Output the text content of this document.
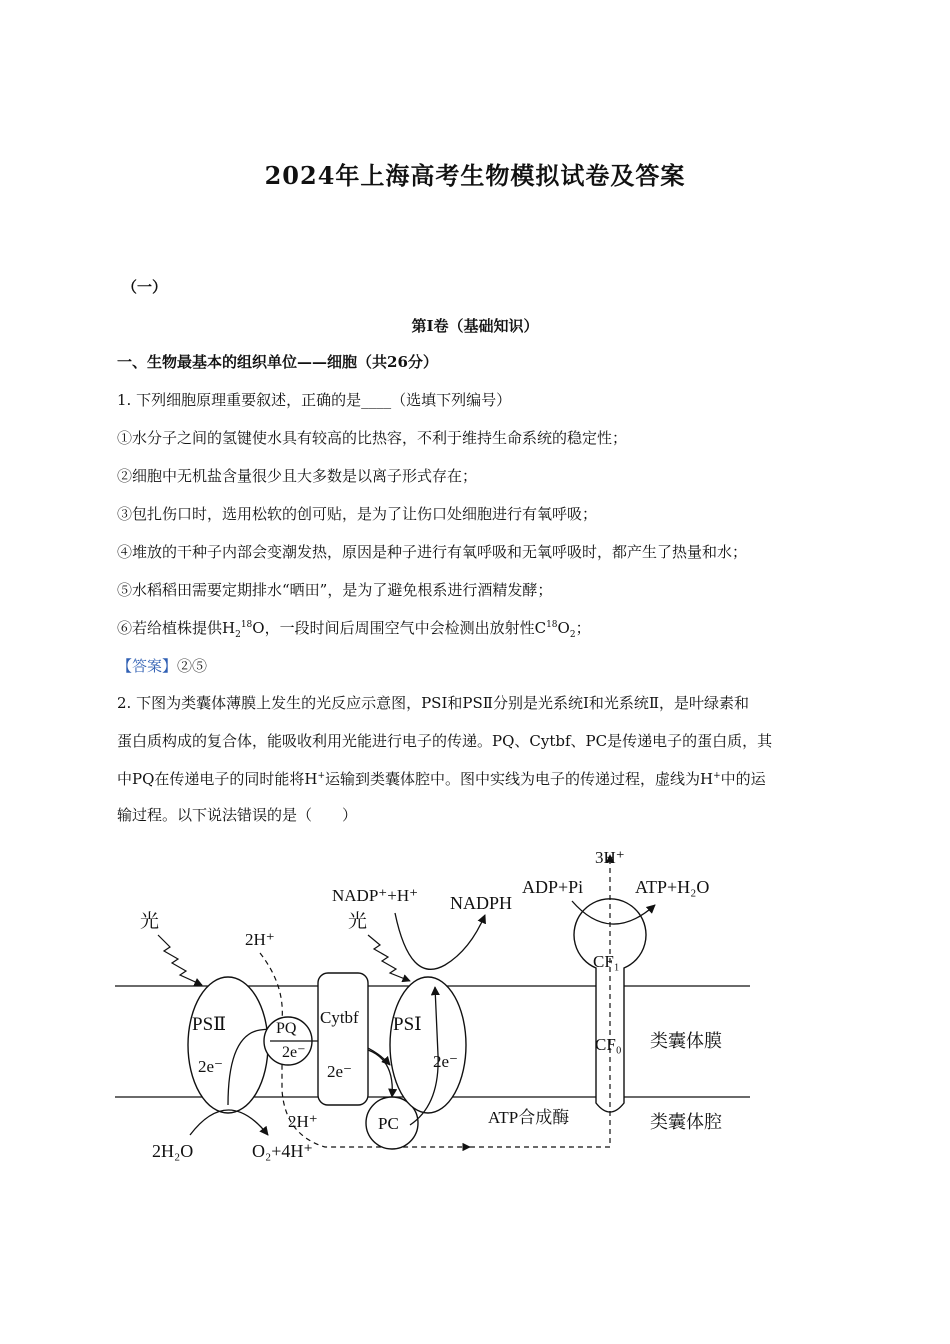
2024年上海高考生物模拟试卷及答案
（一）
第Ⅰ卷（基础知识）
一、生物最基本的组织单位——细胞（共26分）
1. 下列细胞原理重要叙述，正确的是____（选填下列编号）
①水分子之间的氢键使水具有较高的比热容，不利于维持生命系统的稳定性；
②细胞中无机盐含量很少且大多数是以离子形式存在；
③包扎伤口时，选用松软的创可贴，是为了让伤口处细胞进行有氧呼吸；
④堆放的干种子内部会变潮发热，原因是种子进行有氧呼吸和无氧呼吸时，都产生了热量和水；
⑤水稻稻田需要定期排水“晒田”，是为了避免根系进行酒精发酵；
⑥若给植株提供$H_2^{18}O$，一段时间后周围空气中会检测出放射性$C^{18}O_2$；
【答案】②⑤
2. 下图为类囊体薄膜上发生的光反应示意图，PSI和PSⅡ分别是光系统Ⅰ和光系统Ⅱ，是叶绿素和
蛋白质构成的复合体，能吸收利用光能进行电子的传递。PQ、Cytbf、PC是传递电子的蛋白质，其
中PQ在传递电子的同时能将H+运输到类囊体腔中。图中实线为电子的传递过程，虚线为H+中的运
输过程。以下说法错误的是（　　）
光
PSⅡ
2e⁻
2H₂O	O₂+4H⁺
2H⁺
PQ
2e⁻
Cytbf
2e⁻
2H⁺	PC
PSⅠ
2e⁻
光
NADP⁺+H⁺ NADPH
CF₁
CF₀
ATP合成酶
3H⁺
ADP+Pi	ATP+H₂O
类囊体膜
类囊体腔
